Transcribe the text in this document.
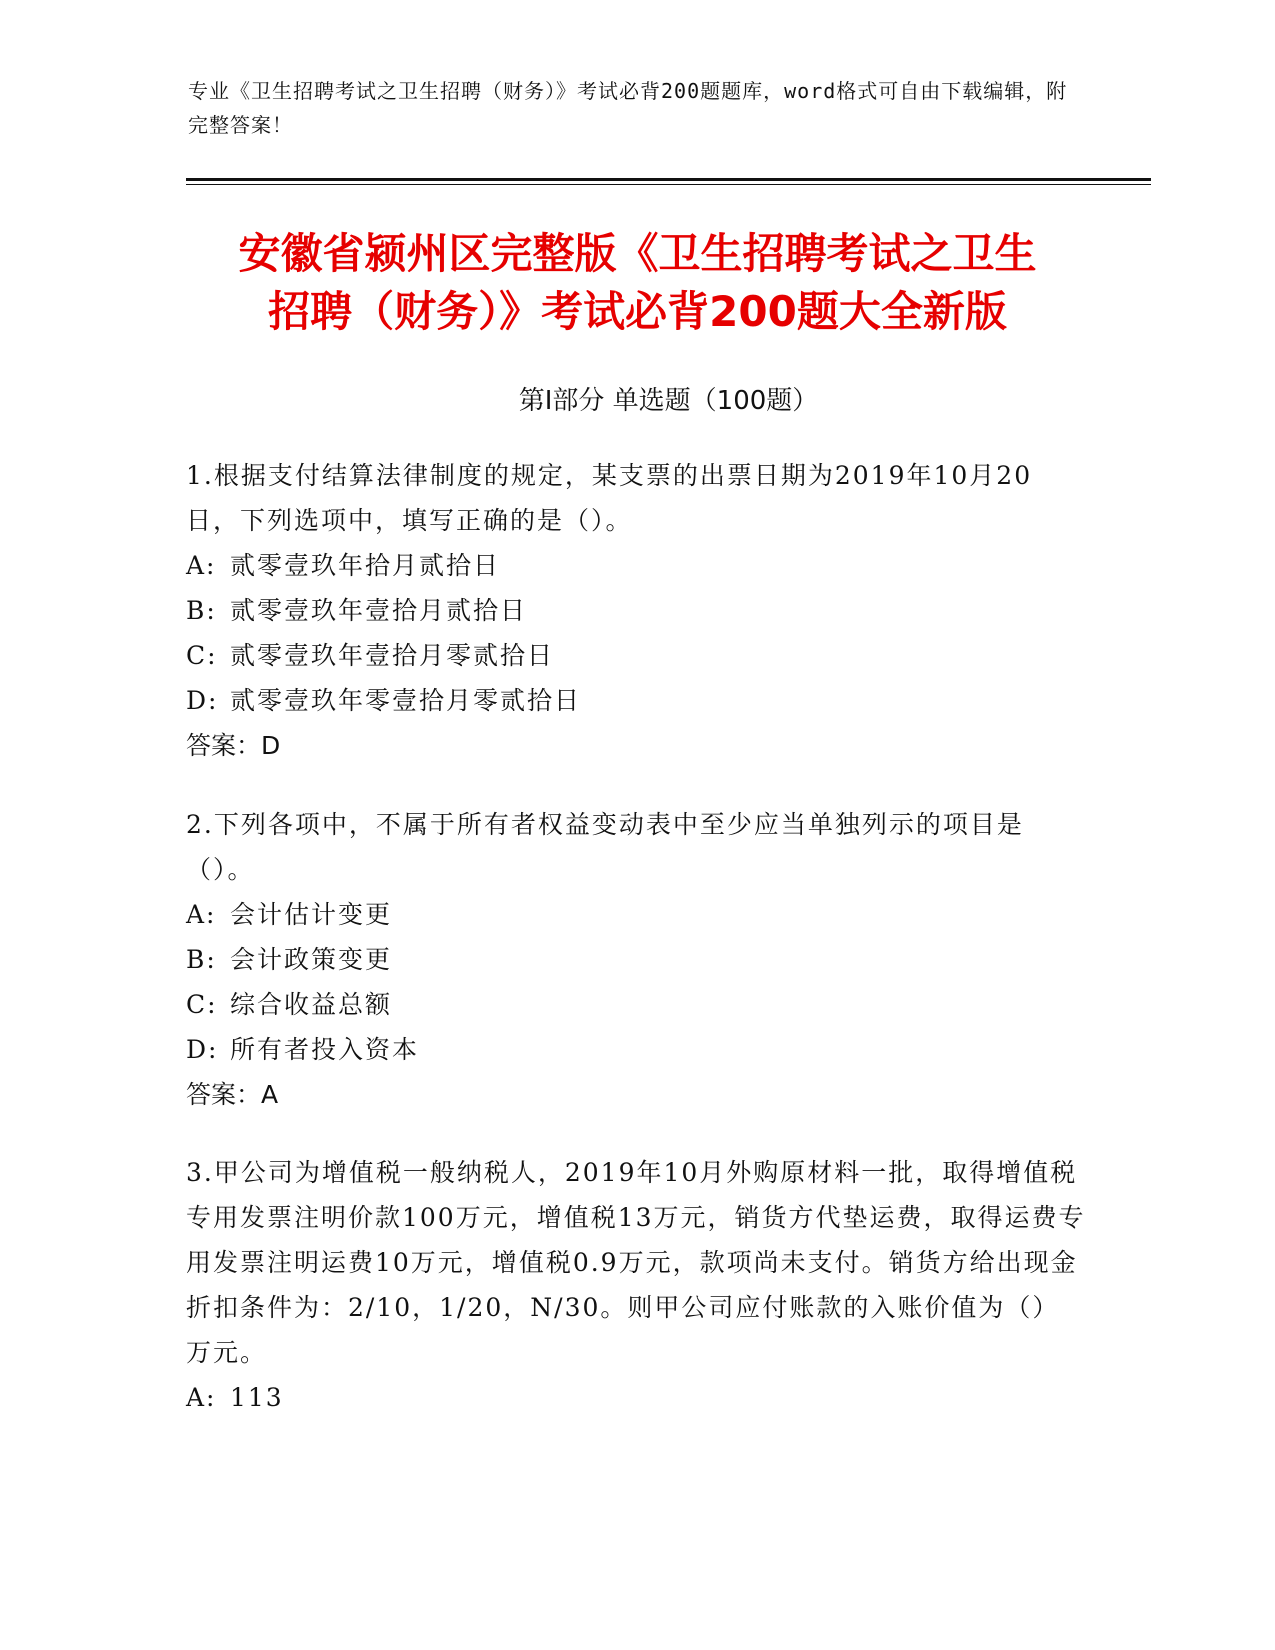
专业《卫生招聘考试之卫生招聘（财务）》考试必背200题题库，word格式可自由下载编辑，附完整答案！
安徽省颍州区完整版《卫生招聘考试之卫生
招聘（财务）》考试必背200题大全新版
第Ⅰ部分 单选题（100题）

1.根据支付结算法律制度的规定，某支票的出票日期为2019年10月20日，下列选项中，填写正确的是（）。

A: 贰零壹玖年拾月贰拾日

B: 贰零壹玖年壹拾月贰拾日

C: 贰零壹玖年壹拾月零贰拾日

D: 贰零壹玖年零壹拾月零贰拾日

答案：D

2.下列各项中，不属于所有者权益变动表中至少应当单独列示的项目是（）。

A: 会计估计变更

B: 会计政策变更

C: 综合收益总额

D: 所有者投入资本

答案：A

3.甲公司为增值税一般纳税人，2019年10月外购原材料一批，取得增值税专用发票注明价款100万元，增值税13万元，销货方代垫运费，取得运费专用发票注明运费10万元，增值税0.9万元，款项尚未支付。销货方给出现金折扣条件为：2/10，1/20，N/30。则甲公司应付账款的入账价值为（）万元。

A: 113
